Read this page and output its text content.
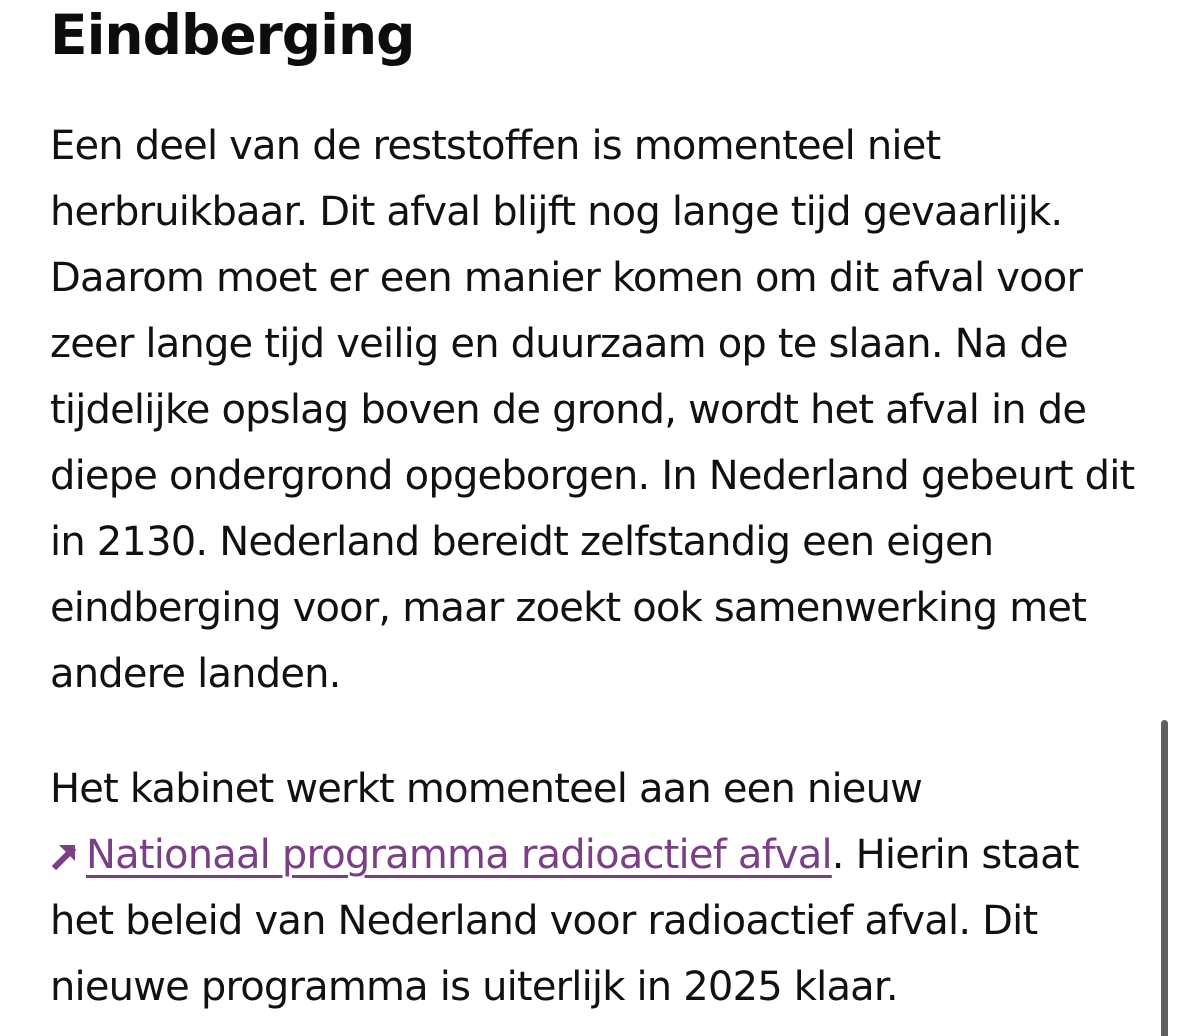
Eindberging

Een deel van de reststoffen is momenteel niet herbruikbaar. Dit afval blijft nog lange tijd gevaarlijk. Daarom moet er een manier komen om dit afval voor zeer lange tijd veilig en duurzaam op te slaan. Na de tijdelijke opslag boven de grond, wordt het afval in de diepe ondergrond opgeborgen. In Nederland gebeurt dit in 2130. Nederland bereidt zelfstandig een eigen eindberging voor, maar zoekt ook samenwerking met andere landen.

Het kabinet werkt momenteel aan een nieuw Nationaal programma radioactief afval. Hierin staat het beleid van Nederland voor radioactief afval. Dit nieuwe programma is uiterlijk in 2025 klaar.
